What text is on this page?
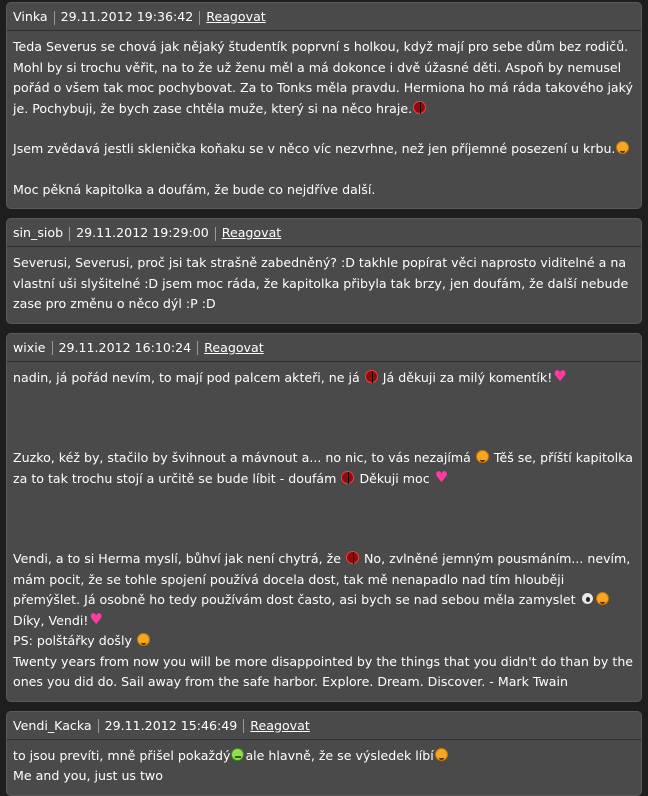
Vinka 29.11.2012 19:36:42 Reagovat

Teda Severus se chová jak nějaký študentík poprvní s holkou, když mají pro sebe dům bez rodičů. Mohl by si trochu věřit, na to že už ženu měl a má dokonce i dvě úžasné děti. Aspoň by nemusel pořád o všem tak moc pochybovat. Za to Tonks měla pravdu. Hermiona ho má ráda takového jaký je. Pochybuji, že bych zase chtěla muže, který si na něco hraje.

Jsem zvědavá jestli sklenička koňaku se v něco víc nezvrhne, než jen příjemné posezení u krbu.

Moc pěkná kapitolka a doufám, že bude co nejdříve další.

sin_siob 29.11.2012 19:29:00 Reagovat

Severusi, Severusi, proč jsi tak strašně zabedněný? :D takhle popírat věci naprosto viditelné a na vlastní uši slyšitelné :D jsem moc ráda, že kapitolka přibyla tak brzy, jen doufám, že další nebude zase pro změnu o něco dýl :P :D

wixie 29.11.2012 16:10:24 Reagovat

nadin, já pořád nevím, to mají pod palcem akteři, ne já Já děkuji za milý komentík!♥

Zuzko, kéž by, stačilo by švihnout a mávnout a... no nic, to vás nezajímá Těš se, příští kapitolka za to tak trochu stojí a určitě se bude líbit - doufám Děkuji moc ♥

Vendi, a to si Herma myslí, bůhví jak není chytrá, že No, zvlněné jemným pousmáním... nevím, mám pocit, že se tohle spojení používá docela dost, tak mě nenapadlo nad tím hlouběji přemýšlet. Já osobně ho tedy používám dost často, asi bych se nad sebou měla zamyslet  Díky, Vendi!♥

PS: polštářky došly

Twenty years from now you will be more disappointed by the things that you didn't do than by the ones you did do. Sail away from the safe harbor. Explore. Dream. Discover. - Mark Twain

Vendi_Kacka 29.11.2012 15:46:49 Reagovat

to jsou prevíti, mně přišel pokaždý ale hlavně, že se výsledek líbí

Me and you, just us two
